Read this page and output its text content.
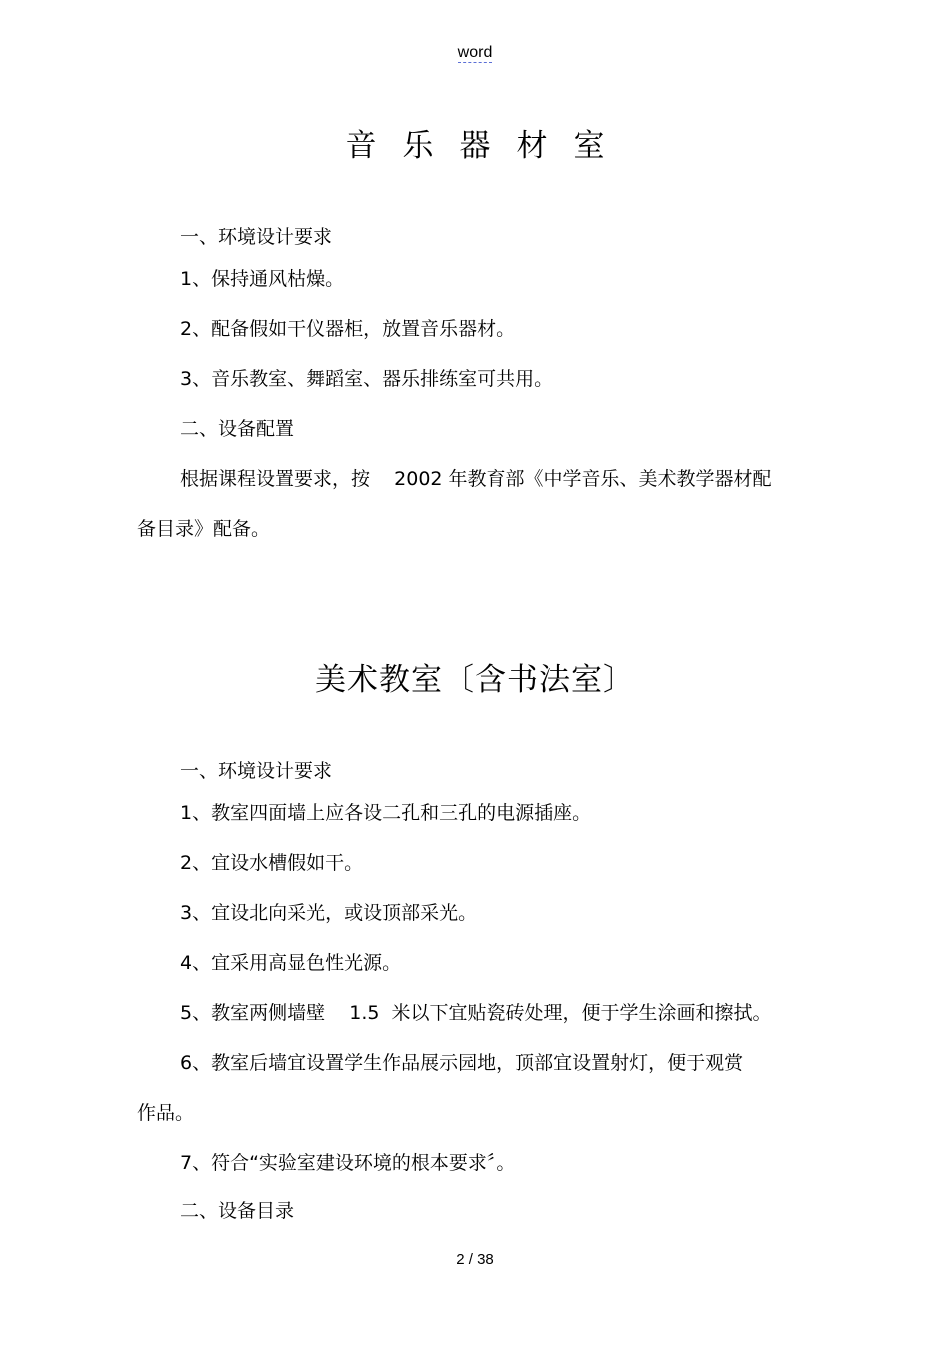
word
音乐器材室
一、环境设计要求
1、保持通风枯燥。
2、配备假如干仪器柜，放置音乐器材。
3、音乐教室、舞蹈室、器乐排练室可共用。
二、设备配置
根据课程设置要求，按    2002 年教育部《中学音乐、美术教学器材配
备目录》配备。
美术教室〔含书法室〕
一、环境设计要求
1、教室四面墙上应各设二孔和三孔的电源插座。
2、宜设水槽假如干。
3、宜设北向采光，或设顶部采光。
4、宜采用高显色性光源。
5、教室两侧墙壁    1.5  米以下宜贴瓷砖处理，便于学生涂画和擦拭。
6、教室后墙宜设置学生作品展示园地，顶部宜设置射灯，便于观赏
作品。
7、符合“实验室建设环境的根本要求〞。
二、设备目录
2 / 38
